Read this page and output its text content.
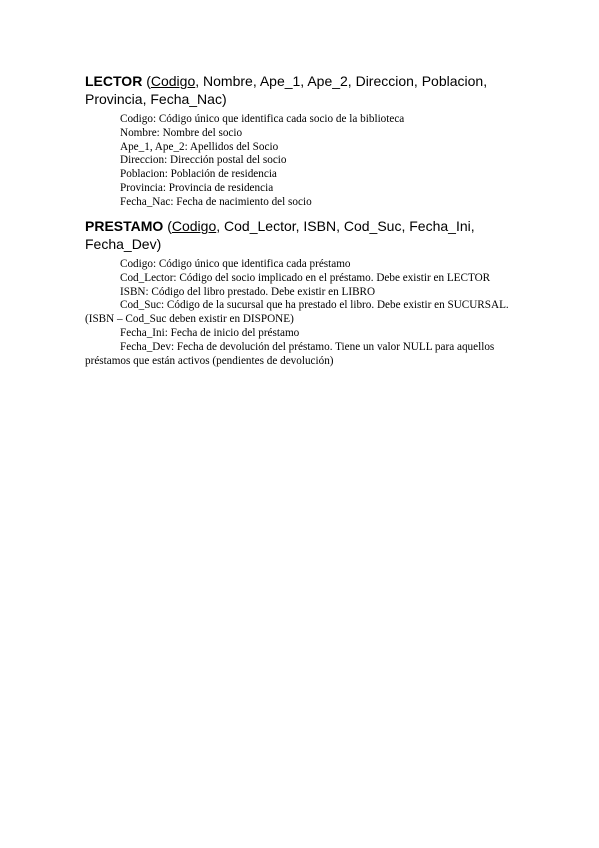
LECTOR (Codigo, Nombre, Ape_1, Ape_2, Direccion, Poblacion, Provincia, Fecha_Nac)

Codigo: Código único que identifica cada socio de la biblioteca

Nombre: Nombre del socio

Ape_1, Ape_2: Apellidos del Socio

Direccion: Dirección postal del socio

Poblacion: Población de residencia

Provincia: Provincia de residencia

Fecha_Nac: Fecha de nacimiento del socio

PRESTAMO (Codigo, Cod_Lector, ISBN, Cod_Suc, Fecha_Ini, Fecha_Dev)

Codigo: Código único que identifica cada préstamo

Cod_Lector: Código del socio implicado en el préstamo. Debe existir en LECTOR

ISBN: Código del libro prestado. Debe existir en LIBRO

Cod_Suc: Código de la sucursal que ha prestado el libro. Debe existir en SUCURSAL. (ISBN – Cod_Suc deben existir en DISPONE)

Fecha_Ini: Fecha de inicio del préstamo

Fecha_Dev: Fecha de devolución del préstamo. Tiene un valor NULL para aquellos préstamos que están activos (pendientes de devolución)
